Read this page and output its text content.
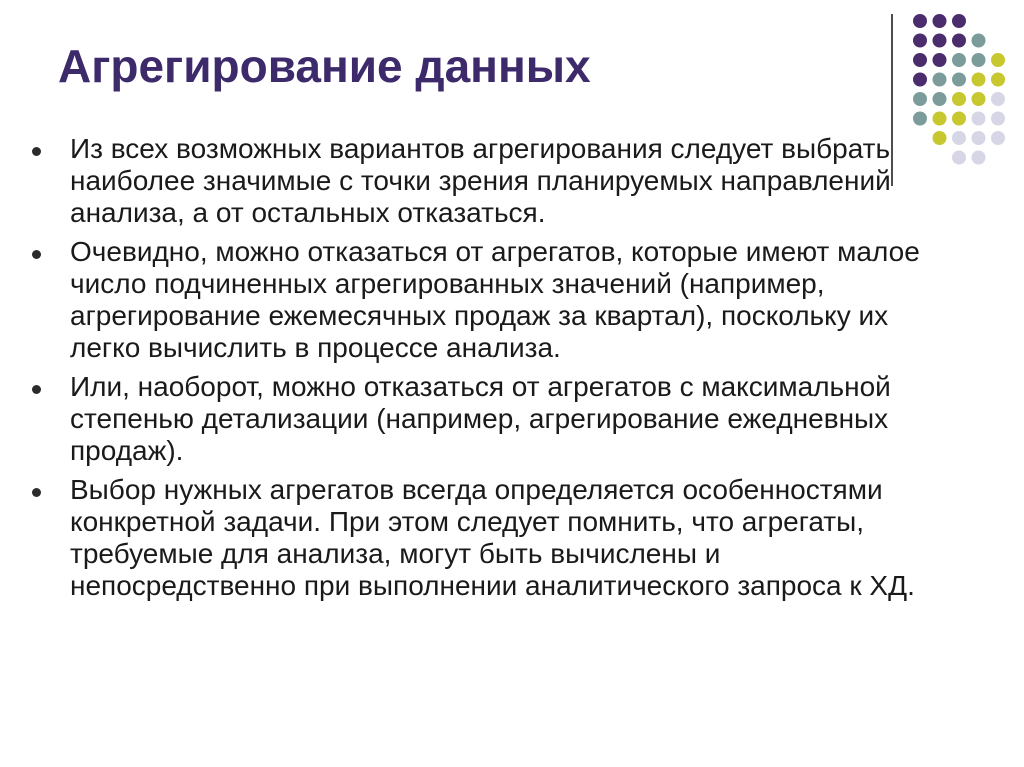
Агрегирование данных
Из всех возможных вариантов агрегирования следует выбрать наиболее значимые с точки зрения планируемых направлений анализа, а от остальных отказаться.
Очевидно, можно отказаться от агрегатов, которые имеют малое число подчиненных агрегированных значений (например, агрегирование ежемесячных продаж за квартал), поскольку их легко вычислить в процессе анализа.
Или, наоборот, можно отказаться от агрегатов с максимальной степенью детализации (например, агрегирование ежедневных продаж).
Выбор нужных агрегатов всегда определяется особенностями конкретной задачи. При этом следует помнить, что агрегаты, требуемые для анализа, могут быть вычислены и непосредственно при выполнении аналитического запроса к ХД.
